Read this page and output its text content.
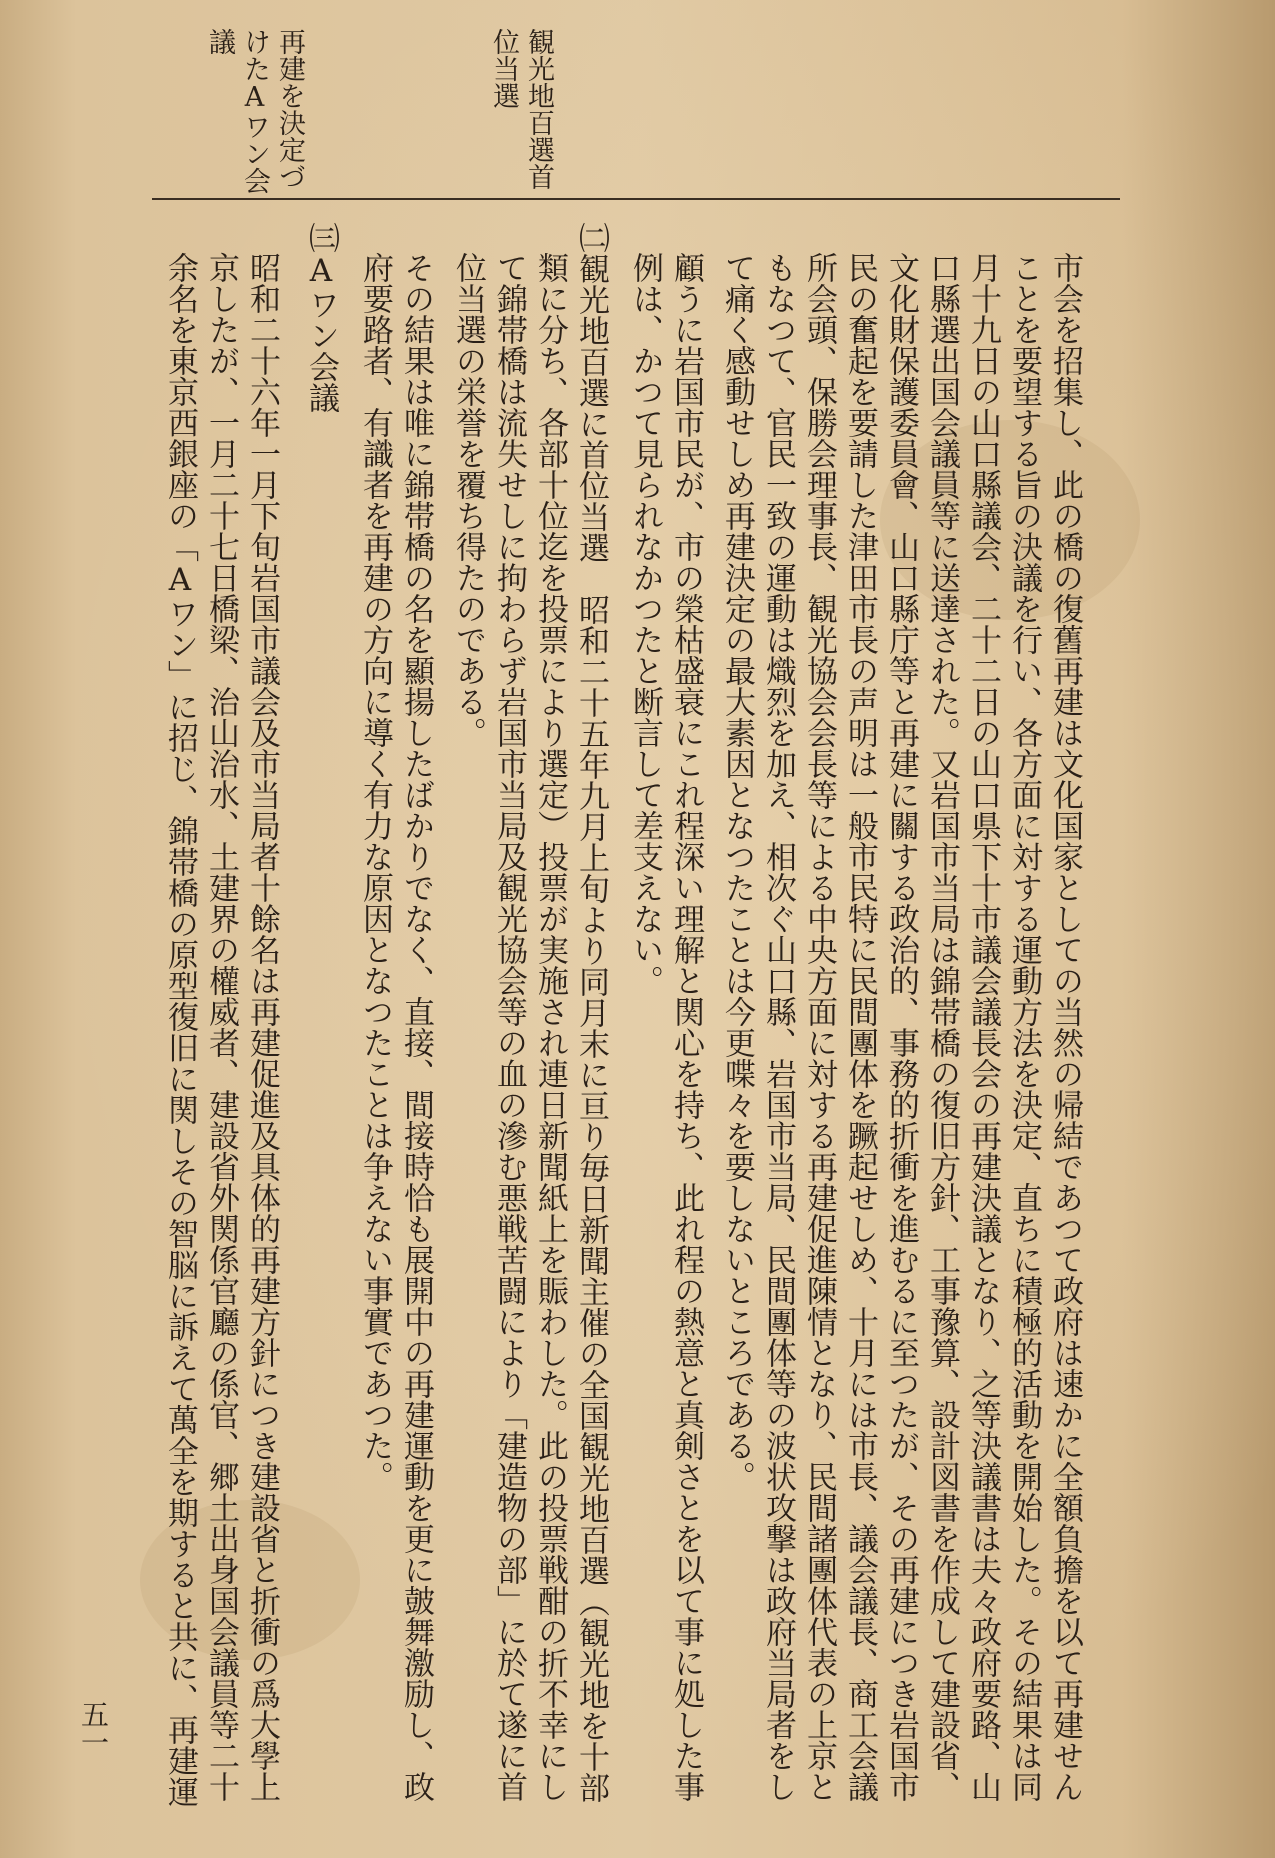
観光地百選首
位当選
再建を決定づ
けたAワン会
議
市会を招集し、此の橋の復舊再建は文化国家としての当然の帰結であつて政府は速かに全額負擔を以て再建せん
ことを要望する旨の決議を行い、各方面に対する運動方法を決定、直ちに積極的活動を開始した。その結果は同
月十九日の山口縣議会、二十二日の山口県下十市議会議長会の再建決議となり、之等決議書は夫々政府要路、山
口縣選出国会議員等に送達された。又岩国市当局は錦帯橋の復旧方針、工事豫算、設計図書を作成して建設省、
文化財保護委員會、山口縣庁等と再建に關する政治的、事務的折衝を進むるに至つたが、その再建につき岩国市
民の奮起を要請した津田市長の声明は一般市民特に民間團体を蹶起せしめ、十月には市長、議会議長、商工会議
所会頭、保勝会理事長、観光協会会長等による中央方面に対する再建促進陳情となり、民間諸團体代表の上京と
もなつて、官民一致の運動は熾烈を加え、相次ぐ山口縣、岩国市当局、民間團体等の波状攻撃は政府当局者をし
て痛く感動せしめ再建決定の最大素因となつたことは今更喋々を要しないところである。
顧うに岩国市民が、市の榮枯盛衰にこれ程深い理解と関心を持ち、此れ程の熱意と真剣さとを以て事に処した事
例は、かつて見られなかつたと断言して差支えない。
㈡観光地百選に首位当選　昭和二十五年九月上旬より同月末に亘り毎日新聞主催の全国観光地百選（観光地を十部
類に分ち、各部十位迄を投票により選定）投票が実施され連日新聞紙上を賑わした。此の投票戦酣の折不幸にし
て錦帯橋は流失せしに拘わらず岩国市当局及観光協会等の血の滲む悪戦苦闘により「建造物の部」に於て遂に首
位当選の栄誉を覆ち得たのである。
その結果は唯に錦帯橋の名を顯揚したばかりでなく、直接、間接時恰も展開中の再建運動を更に皷舞激励し、政
府要路者、有識者を再建の方向に導く有力な原因となつたことは争えない事實であつた。
㈢Aワン会議
昭和二十六年一月下旬岩国市議会及市当局者十餘名は再建促進及具体的再建方針につき建設省と折衝の爲大學上
京したが、一月二十七日橋梁、治山治水、土建界の權威者、建設省外関係官廳の係官、郷土出身国会議員等二十
余名を東京西銀座の「Aワン」に招じ、錦帯橋の原型復旧に関しその智脳に訴えて萬全を期すると共に、再建運
五一
